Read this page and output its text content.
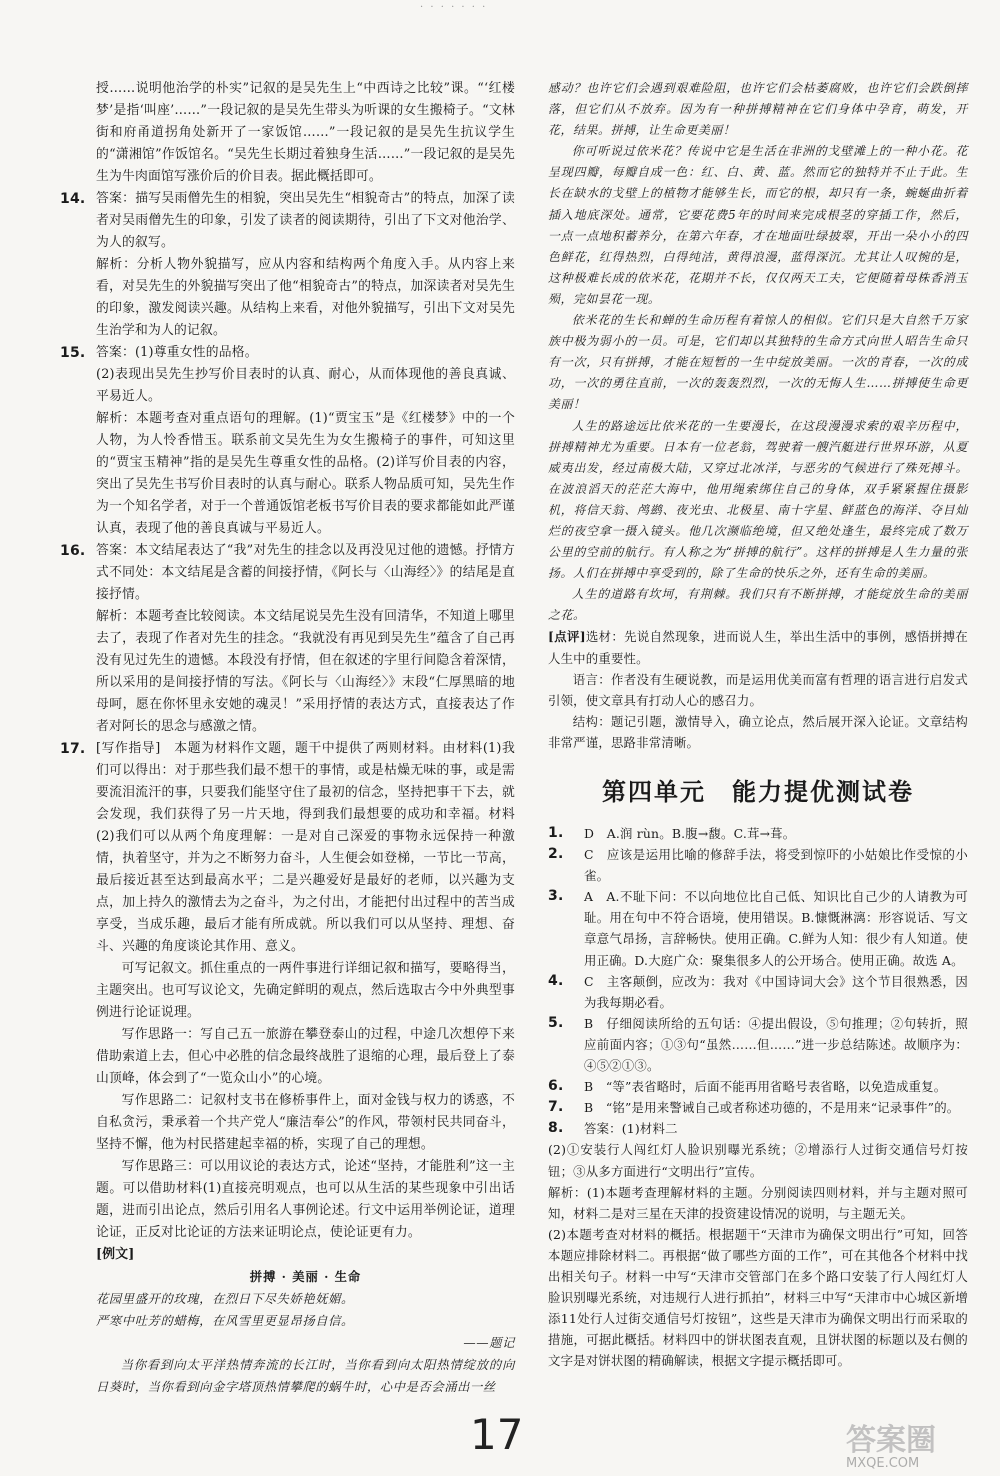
· · · · · · ·

授……说明他治学的朴实”记叙的是吴先生上“中西诗之比较”课。“‘红楼梦’是指‘叫座’……”一段记叙的是吴先生带头为听课的女生搬椅子。“文林街和府甬道拐角处新开了一家饭馆……”一段记叙的是吴先生抗议学生的“潇湘馆”作饭馆名。“吴先生长期过着独身生活……”一段记叙的是吴先生为牛肉面馆写涨价后的价目表。据此概括即可。

14. 答案：描写吴雨僧先生的相貌，突出吴先生“相貌奇古”的特点，加深了读者对吴雨僧先生的印象，引发了读者的阅读期待，引出了下文对他治学、为人的叙写。

解析：分析人物外貌描写，应从内容和结构两个角度入手。从内容上来看，对吴先生的外貌描写突出了他“相貌奇古”的特点，加深读者对吴先生的印象，激发阅读兴趣。从结构上来看，对他外貌描写，引出下文对吴先生治学和为人的记叙。

15. 答案：(1)尊重女性的品格。

(2)表现出吴先生抄写价目表时的认真、耐心，从而体现他的善良真诚、平易近人。

解析：本题考查对重点语句的理解。(1)“贾宝玉”是《红楼梦》中的一个人物，为人怜香惜玉。联系前文吴先生为女生搬椅子的事件，可知这里的“贾宝玉精神”指的是吴先生尊重女性的品格。(2)详写价目表的内容，突出了吴先生书写价目表时的认真与耐心。联系人物品质可知，吴先生作为一个知名学者，对于一个普通饭馆老板书写价目表的要求都能如此严谨认真，表现了他的善良真诚与平易近人。

16. 答案：本文结尾表达了“我”对先生的挂念以及再没见过他的遗憾。抒情方式不同处：本文结尾是含蓄的间接抒情，《阿长与〈山海经〉》的结尾是直接抒情。

解析：本题考查比较阅读。本文结尾说吴先生没有回清华，不知道上哪里去了，表现了作者对先生的挂念。“我就没有再见到吴先生”蕴含了自己再没有见过先生的遗憾。本段没有抒情，但在叙述的字里行间隐含着深情，所以采用的是间接抒情的写法。《阿长与〈山海经〉》末段“仁厚黑暗的地母呵，愿在你怀里永安她的魂灵！”采用抒情的表达方式，直接表达了作者对阿长的思念与感激之情。

17. [写作指导]　本题为材料作文题，题干中提供了两则材料。由材料(1)我们可以得出：对于那些我们最不想干的事情，或是枯燥无味的事，或是需要流泪流汗的事，只要我们能坚守住了最初的信念，坚持把事干下去，就会发现，我们获得了另一片天地，得到我们最想要的成功和幸福。材料(2)我们可以从两个角度理解：一是对自己深爱的事物永远保持一种激情，执着坚守，并为之不断努力奋斗，人生便会如登梯，一节比一节高，最后接近甚至达到最高水平；二是兴趣爱好是最好的老师，以兴趣为支点，加上持久的激情去为之奋斗，为之付出，才能把付出过程中的苦当成享受，当成乐趣，最后才能有所成就。所以我们可以从坚持、理想、奋斗、兴趣的角度谈论其作用、意义。

可写记叙文。抓住重点的一两件事进行详细记叙和描写，要略得当，主题突出。也可写议论文，先确定鲜明的观点，然后选取古今中外典型事例进行论证说理。

写作思路一：写自己五一旅游在攀登泰山的过程，中途几次想停下来借助索道上去，但心中必胜的信念最终战胜了退缩的心理，最后登上了泰山顶峰，体会到了“一览众山小”的心境。

写作思路二：记叙村支书在修桥事件上，面对金钱与权力的诱惑，不自私贪污，秉承着一个共产党人“廉洁奉公”的作风，带领村民共同奋斗，坚持不懈，他为村民搭建起幸福的桥，实现了自己的理想。

写作思路三：可以用议论的表达方式，论述“坚持，才能胜利”这一主题。可以借助材料(1)直接亮明观点，也可以从生活的某些现象中引出话题，进而引出论点，然后引用名人事例论述。行文中运用举例论证，道理论证，正反对比论证的方法来证明论点，使论证更有力。

[例文]

拼搏 · 美丽 · 生命

花园里盛开的玫瑰，在烈日下尽失娇艳妩媚。

严寒中吐芳的蜡梅，在风雪里更显昂扬自信。

——题记

当你看到向太平洋热情奔流的长江时，当你看到向太阳热情绽放的向日葵时，当你看到向金字塔顶热情攀爬的蜗牛时，心中是否会涌出一丝

感动？也许它们会遇到艰难险阻，也许它们会枯萎腐败，也许它们会跌倒摔落，但它们从不放弃。因为有一种拼搏精神在它们身体中孕育，萌发，开花，结果。拼搏，让生命更美丽！

你可听说过依米花？传说中它是生活在非洲的戈壁滩上的一种小花。花呈现四瓣，每瓣自成一色：红、白、黄、蓝。然而它的独特并不止于此。生长在缺水的戈壁上的植物才能够生长，而它的根，却只有一条，蜿蜒曲折着插入地底深处。通常，它要花费5年的时间来完成根茎的穿插工作，然后，一点一点地积蓄养分，在第六年春，才在地面吐绿披翠，开出一朵小小的四色鲜花，红得热烈，白得纯洁，黄得浪漫，蓝得深沉。尤其让人叹惋的是，这种极难长成的依米花，花期并不长，仅仅两天工夫，它便随着母株香消玉殒，完如昙花一现。

依米花的生长和蝉的生命历程有着惊人的相似。它们只是大自然千万家族中极为弱小的一员。可是，它们却以其独特的生命方式向世人昭告生命只有一次，只有拼搏，才能在短暂的一生中绽放美丽。一次的青春，一次的成功，一次的勇往直前，一次的轰轰烈烈，一次的无悔人生……拼搏使生命更美丽！

人生的路途远比依米花的一生要漫长，在这段漫漫求索的艰辛历程中，拼搏精神尤为重要。日本有一位老翁，驾驶着一艘汽艇进行世界环游，从夏威夷出发，经过南极大陆，又穿过北冰洋，与恶劣的气候进行了殊死搏斗。在波浪滔天的茫茫大海中，他用绳索绑住自己的身体，双手紧紧握住摄影机，将信天翁、鸬鹚、夜光虫、北极星、南十字星、鲜蓝色的海洋、夺目灿烂的夜空拿一摄入镜头。他几次濒临绝境，但又绝处逢生，最终完成了数万公里的空前的航行。有人称之为“拼搏的航行”。这样的拼搏是人生力量的张扬。人们在拼搏中享受到的，除了生命的快乐之外，还有生命的美丽。

人生的道路有坎坷，有荆棘。我们只有不断拼搏，才能绽放生命的美丽之花。

[点评]选材：先说自然现象，进而说人生，举出生活中的事例，感悟拼搏在人生中的重要性。

语言：作者没有生硬说教，而是运用优美而富有哲理的语言进行启发式引领，使文章具有打动人心的感召力。

结构：题记引题，激情导入，确立论点，然后展开深入论证。文章结构非常严谨，思路非常清晰。

第四单元　能力提优测试卷

1. D　A.润 rùn。B.腹→馥。C.茸→葺。

2. C　应该是运用比喻的修辞手法，将受到惊吓的小姑娘比作受惊的小雀。

3. A　A.不耻下问：不以向地位比自己低、知识比自己少的人请教为可耻。用在句中不符合语境，使用错误。B.慷慨淋漓：形容说话、写文章意气昂扬，言辞畅快。使用正确。C.鲜为人知：很少有人知道。使用正确。D.大庭广众：聚集很多人的公开场合。使用正确。故选 A。

4. C　主客颠倒，应改为：我对《中国诗词大会》这个节目很熟悉，因为我每期必看。

5. B　仔细阅读所给的五句话：④提出假设，⑤句推理；②句转折，照应前面内容；①③句“虽然……但……”进一步总结陈述。故顺序为：④⑤②①③。

6. B　“等”表省略时，后面不能再用省略号表省略，以免造成重复。

7. B　“铭”是用来警诫自己或者称述功德的，不是用来“记录事件”的。

8. 答案：(1)材料二

(2)①安装行人闯红灯人脸识别曝光系统；②增添行人过街交通信号灯按钮；③从多方面进行“文明出行”宣传。

解析：(1)本题考查理解材料的主题。分别阅读四则材料，并与主题对照可知，材料二是对三星在天津的投资建设情况的说明，与主题无关。

(2)本题考查对材料的概括。根据题干“天津市为确保文明出行”可知，回答本题应排除材料二。再根据“做了哪些方面的工作”，可在其他各个材料中找出相关句子。材料一中写“天津市交管部门在多个路口安装了行人闯红灯人脸识别曝光系统，对违规行人进行抓拍”，材料三中写“天津市中心城区新增添11处行人过街交通信号灯按钮”，这些是天津市为确保文明出行而采取的措施，可据此概括。材料四中的饼状图表直观，且饼状图的标题以及右侧的文字是对饼状图的精确解读，根据文字提示概括即可。

17	答案圈
MXQE.COM
